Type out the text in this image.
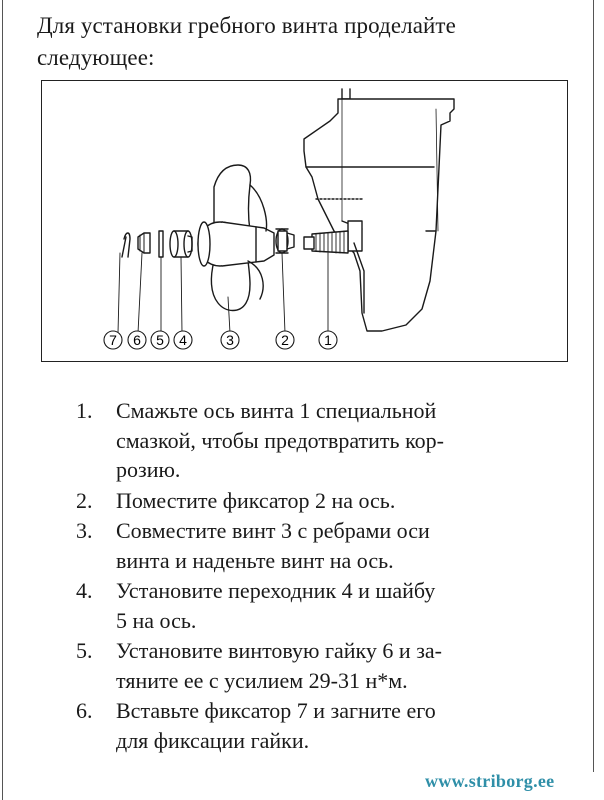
Для установки гребного винта проделайте
следующее:
7 6 5 4	3	2	1
1. Смажьте ось винта 1 специальной
смазкой, чтобы предотвратить кор-
розию.
2. Поместите фиксатор 2 на ось.
3. Совместите винт 3 с ребрами оси
винта и наденьте винт на ось.
4. Установите переходник 4 и шайбу
5 на ось.
5. Установите винтовую гайку 6 и за-
тяните ее с усилием 29-31 н*м.
6. Вставьте фиксатор 7 и загните его
для фиксации гайки.
www.striborg.ee
